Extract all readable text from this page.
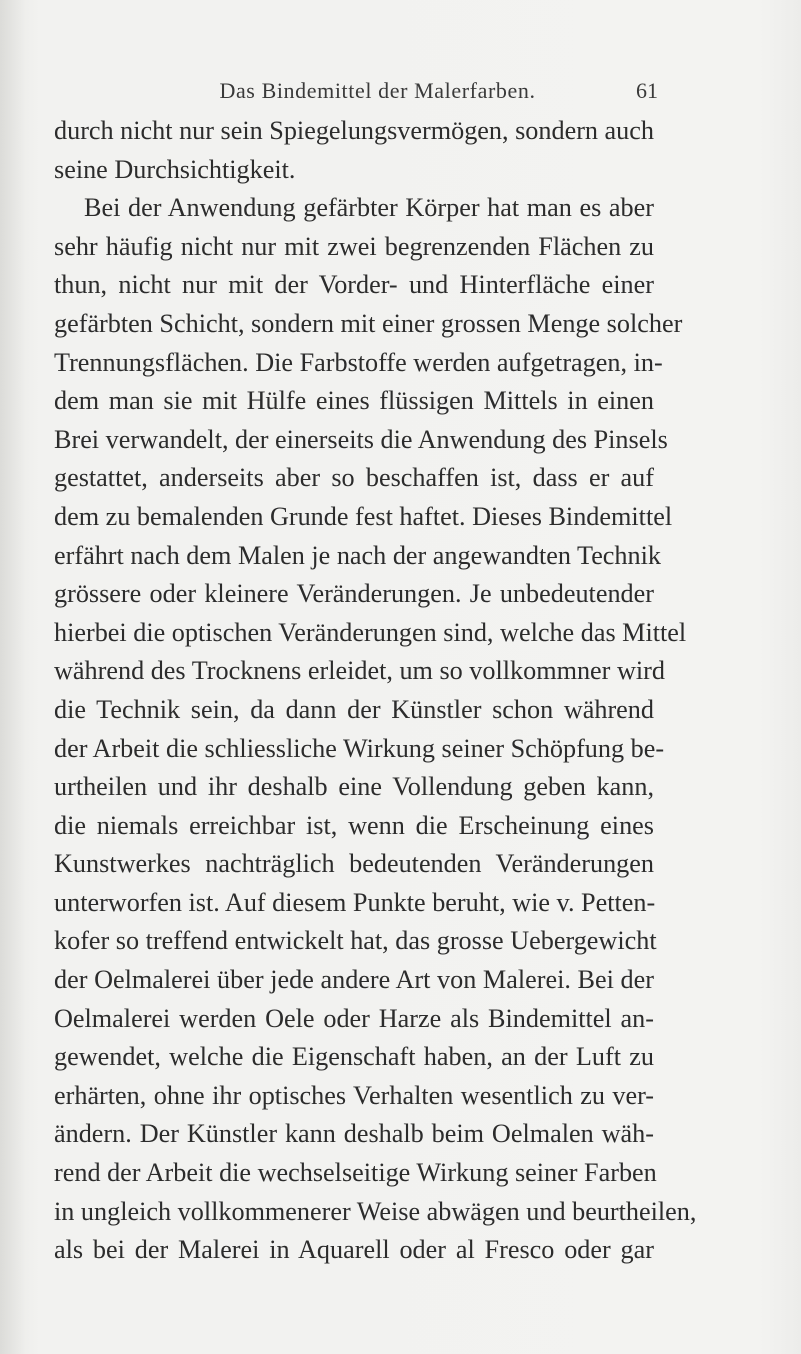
Das Bindemittel der Malerfarben.	61
durch nicht nur sein Spiegelungsvermögen, sondern auch
seine Durchsichtigkeit.
Bei der Anwendung gefärbter Körper hat man es aber
sehr häufig nicht nur mit zwei begrenzenden Flächen zu
thun, nicht nur mit der Vorder- und Hinterfläche einer
gefärbten Schicht, sondern mit einer grossen Menge solcher
Trennungsflächen. Die Farbstoffe werden aufgetragen, in-
dem man sie mit Hülfe eines flüssigen Mittels in einen
Brei verwandelt, der einerseits die Anwendung des Pinsels
gestattet, anderseits aber so beschaffen ist, dass er auf
dem zu bemalenden Grunde fest haftet. Dieses Bindemittel
erfährt nach dem Malen je nach der angewandten Technik
grössere oder kleinere Veränderungen. Je unbedeutender
hierbei die optischen Veränderungen sind, welche das Mittel
während des Trocknens erleidet, um so vollkommner wird
die Technik sein, da dann der Künstler schon während
der Arbeit die schliessliche Wirkung seiner Schöpfung be-
urtheilen und ihr deshalb eine Vollendung geben kann,
die niemals erreichbar ist, wenn die Erscheinung eines
Kunstwerkes nachträglich bedeutenden Veränderungen
unterworfen ist. Auf diesem Punkte beruht, wie v. Petten-
kofer so treffend entwickelt hat, das grosse Uebergewicht
der Oelmalerei über jede andere Art von Malerei. Bei der
Oelmalerei werden Oele oder Harze als Bindemittel an-
gewendet, welche die Eigenschaft haben, an der Luft zu
erhärten, ohne ihr optisches Verhalten wesentlich zu ver-
ändern. Der Künstler kann deshalb beim Oelmalen wäh-
rend der Arbeit die wechselseitige Wirkung seiner Farben
in ungleich vollkommenerer Weise abwägen und beurtheilen,
als bei der Malerei in Aquarell oder al Fresco oder gar
